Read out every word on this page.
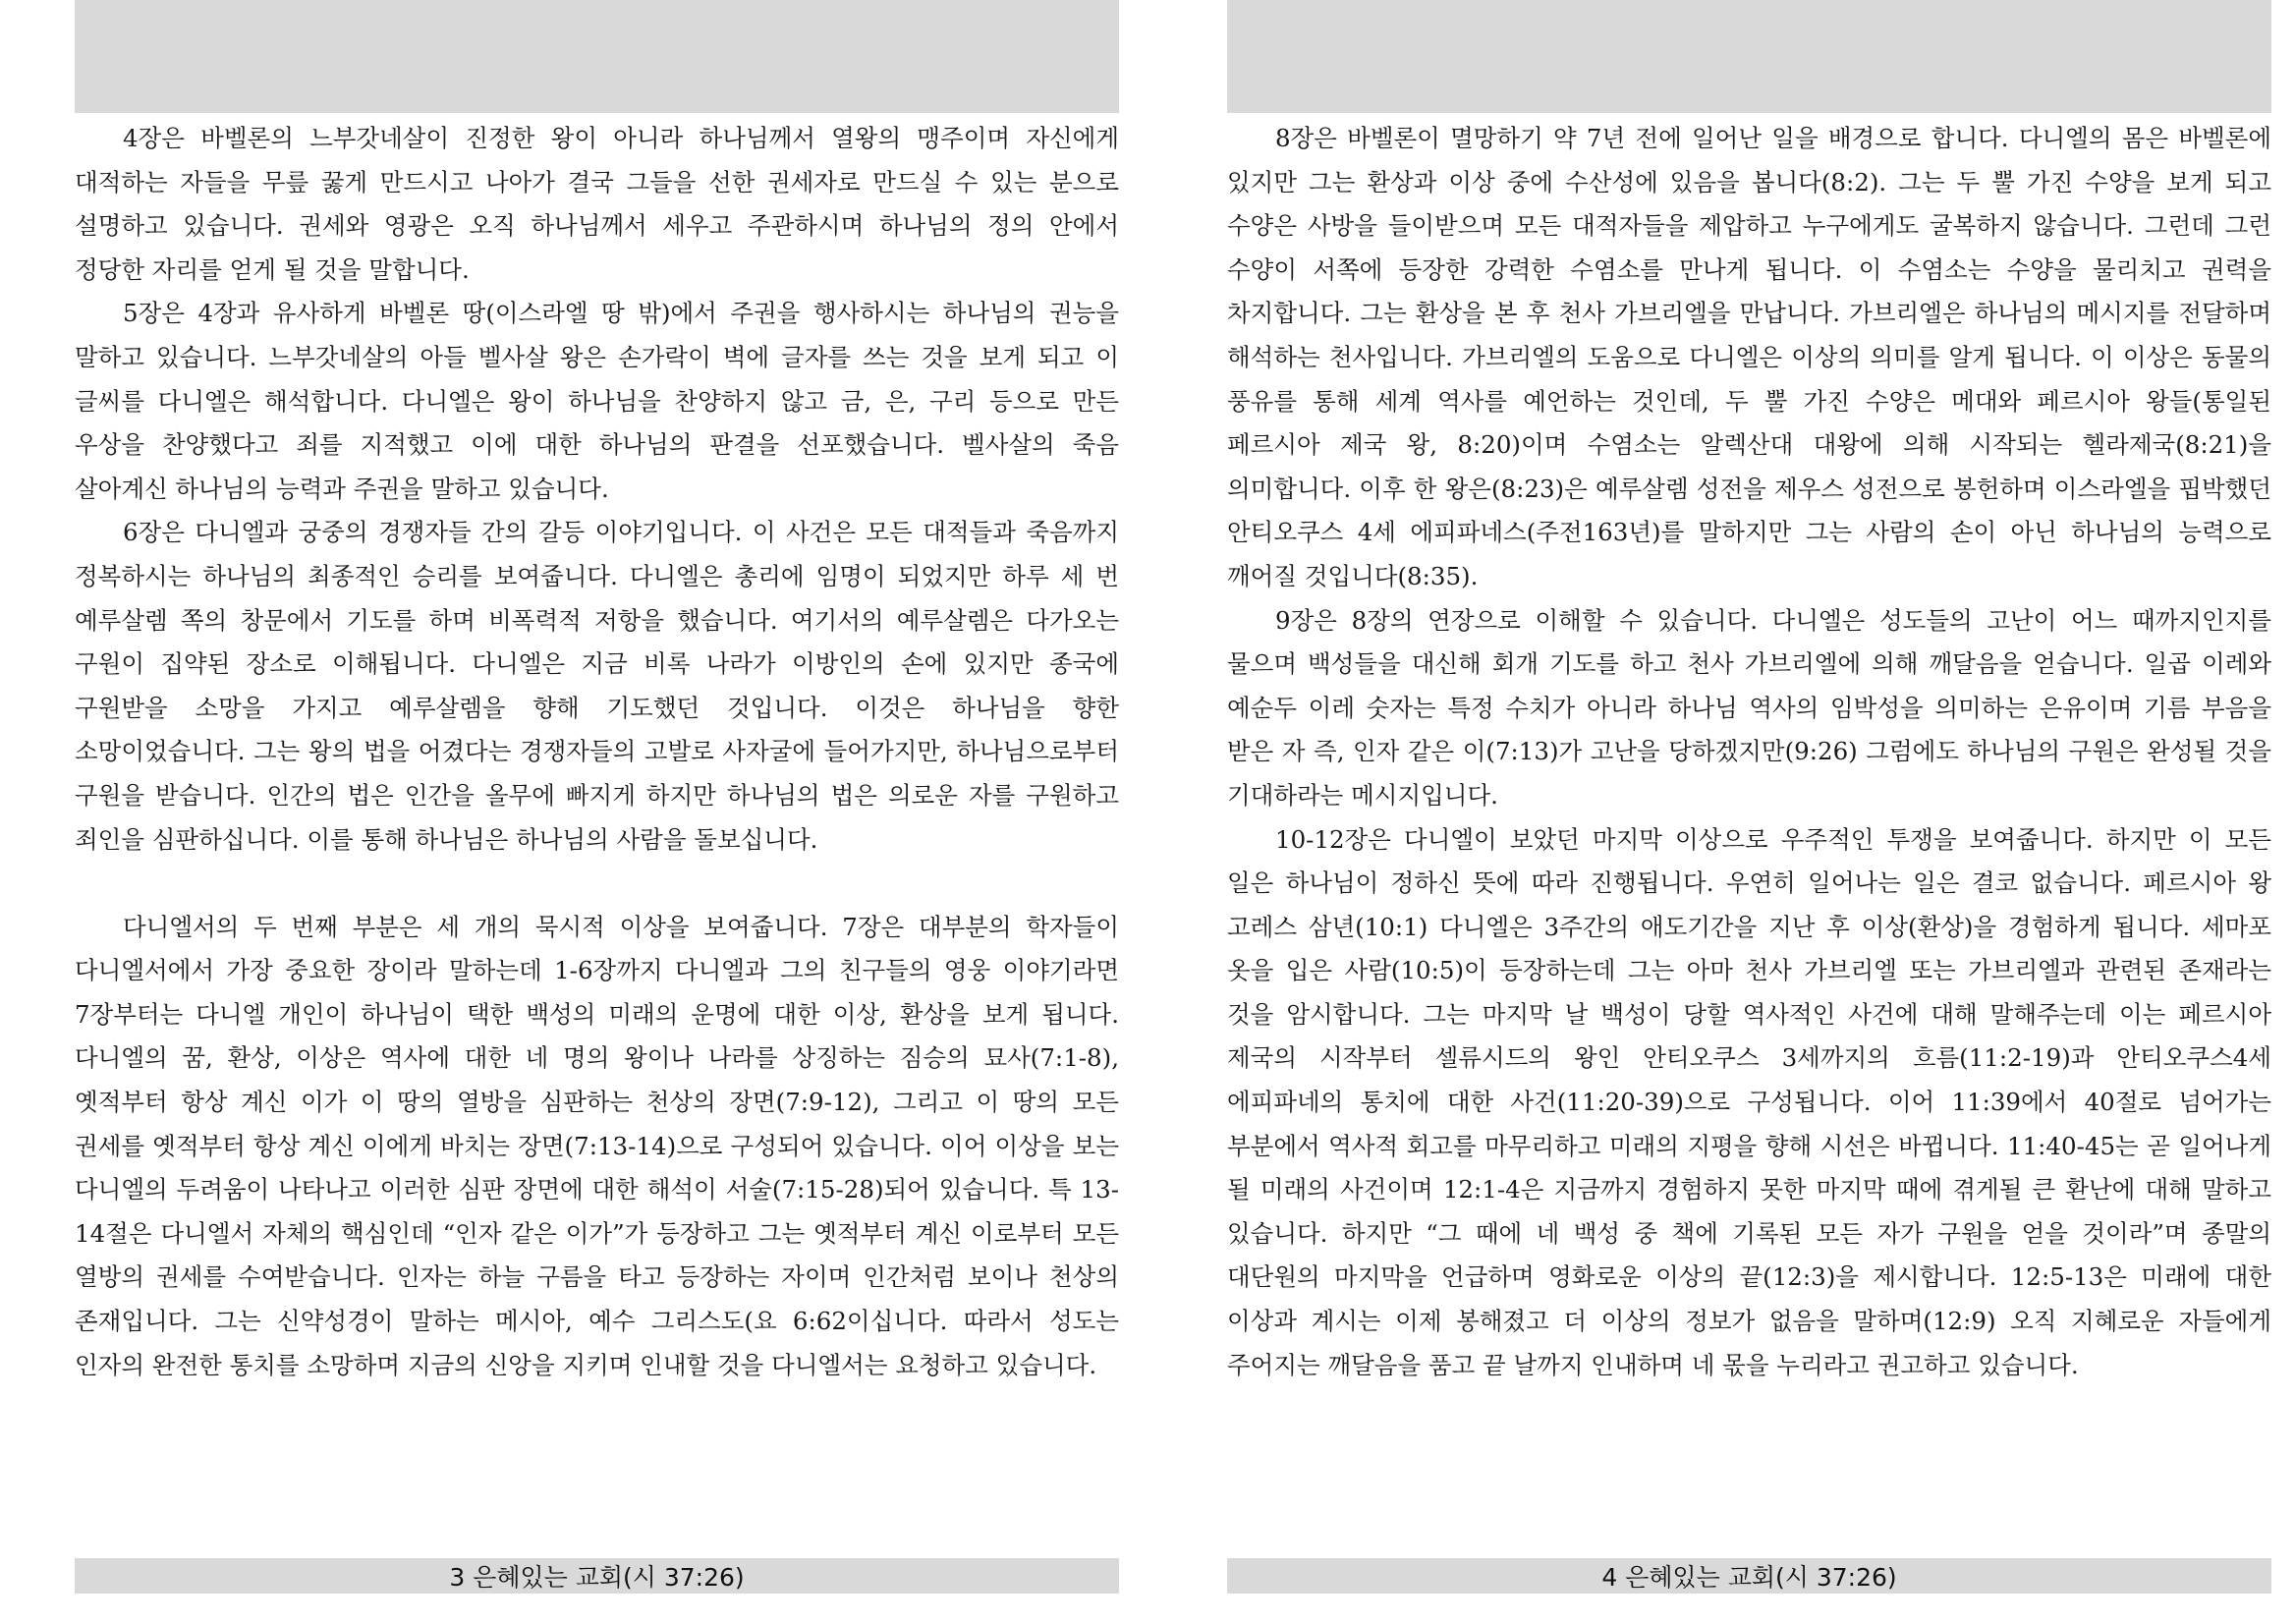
4장은 바벨론의 느부갓네살이 진정한 왕이 아니라 하나님께서 열왕의 맹주이며 자신에게 대적하는 자들을 무릎 꿇게 만드시고 나아가 결국 그들을 선한 권세자로 만드실 수 있는 분으로 설명하고 있습니다. 권세와 영광은 오직 하나님께서 세우고 주관하시며 하나님의 정의 안에서 정당한 자리를 얻게 될 것을 말합니다.

5장은 4장과 유사하게 바벨론 땅(이스라엘 땅 밖)에서 주권을 행사하시는 하나님의 권능을 말하고 있습니다. 느부갓네살의 아들 벨사살 왕은 손가락이 벽에 글자를 쓰는 것을 보게 되고 이 글씨를 다니엘은 해석합니다. 다니엘은 왕이 하나님을 찬양하지 않고 금, 은, 구리 등으로 만든 우상을 찬양했다고 죄를 지적했고 이에 대한 하나님의 판결을 선포했습니다. 벨사살의 죽음 살아계신 하나님의 능력과 주권을 말하고 있습니다.

6장은 다니엘과 궁중의 경쟁자들 간의 갈등 이야기입니다. 이 사건은 모든 대적들과 죽음까지 정복하시는 하나님의 최종적인 승리를 보여줍니다. 다니엘은 총리에 임명이 되었지만 하루 세 번 예루살렘 쪽의 창문에서 기도를 하며 비폭력적 저항을 했습니다. 여기서의 예루살렘은 다가오는 구원이 집약된 장소로 이해됩니다. 다니엘은 지금 비록 나라가 이방인의 손에 있지만 종국에 구원받을 소망을 가지고 예루살렘을 향해 기도했던 것입니다. 이것은 하나님을 향한 소망이었습니다. 그는 왕의 법을 어겼다는 경쟁자들의 고발로 사자굴에 들어가지만, 하나님으로부터 구원을 받습니다. 인간의 법은 인간을 올무에 빠지게 하지만 하나님의 법은 의로운 자를 구원하고 죄인을 심판하십니다. 이를 통해 하나님은 하나님의 사람을 돌보십니다.

다니엘서의 두 번째 부분은 세 개의 묵시적 이상을 보여줍니다. 7장은 대부분의 학자들이 다니엘서에서 가장 중요한 장이라 말하는데 1-6장까지 다니엘과 그의 친구들의 영웅 이야기라면 7장부터는 다니엘 개인이 하나님이 택한 백성의 미래의 운명에 대한 이상, 환상을 보게 됩니다. 다니엘의 꿈, 환상, 이상은 역사에 대한 네 명의 왕이나 나라를 상징하는 짐승의 묘사(7:1-8), 옛적부터 항상 계신 이가 이 땅의 열방을 심판하는 천상의 장면(7:9-12), 그리고 이 땅의 모든 권세를 옛적부터 항상 계신 이에게 바치는 장면(7:13-14)으로 구성되어 있습니다. 이어 이상을 보는 다니엘의 두려움이 나타나고 이러한 심판 장면에 대한 해석이 서술(7:15-28)되어 있습니다. 특 13-14절은 다니엘서 자체의 핵심인데 “인자 같은 이가”가 등장하고 그는 옛적부터 계신 이로부터 모든 열방의 권세를 수여받습니다. 인자는 하늘 구름을 타고 등장하는 자이며 인간처럼 보이나 천상의 존재입니다. 그는 신약성경이 말하는 메시아, 예수 그리스도(요 6:62이십니다. 따라서 성도는 인자의 완전한 통치를 소망하며 지금의 신앙을 지키며 인내할 것을 다니엘서는 요청하고 있습니다.

3 은혜있는 교회(시 37:26)

8장은 바벨론이 멸망하기 약 7년 전에 일어난 일을 배경으로 합니다. 다니엘의 몸은 바벨론에 있지만 그는 환상과 이상 중에 수산성에 있음을 봅니다(8:2). 그는 두 뿔 가진 수양을 보게 되고 수양은 사방을 들이받으며 모든 대적자들을 제압하고 누구에게도 굴복하지 않습니다. 그런데 그런 수양이 서쪽에 등장한 강력한 수염소를 만나게 됩니다. 이 수염소는 수양을 물리치고 권력을 차지합니다. 그는 환상을 본 후 천사 가브리엘을 만납니다. 가브리엘은 하나님의 메시지를 전달하며 해석하는 천사입니다. 가브리엘의 도움으로 다니엘은 이상의 의미를 알게 됩니다. 이 이상은 동물의 풍유를 통해 세계 역사를 예언하는 것인데, 두 뿔 가진 수양은 메대와 페르시아 왕들(통일된 페르시아 제국 왕, 8:20)이며 수염소는 알렉산대 대왕에 의해 시작되는 헬라제국(8:21)을 의미합니다. 이후 한 왕은(8:23)은 예루살렘 성전을 제우스 성전으로 봉헌하며 이스라엘을 핍박했던 안티오쿠스 4세 에피파네스(주전163년)를 말하지만 그는 사람의 손이 아닌 하나님의 능력으로 깨어질 것입니다(8:35).

9장은 8장의 연장으로 이해할 수 있습니다. 다니엘은 성도들의 고난이 어느 때까지인지를 물으며 백성들을 대신해 회개 기도를 하고 천사 가브리엘에 의해 깨달음을 얻습니다. 일곱 이레와 예순두 이레 숫자는 특정 수치가 아니라 하나님 역사의 임박성을 의미하는 은유이며 기름 부음을 받은 자 즉, 인자 같은 이(7:13)가 고난을 당하겠지만(9:26) 그럼에도 하나님의 구원은 완성될 것을 기대하라는 메시지입니다.

10-12장은 다니엘이 보았던 마지막 이상으로 우주적인 투쟁을 보여줍니다. 하지만 이 모든 일은 하나님이 정하신 뜻에 따라 진행됩니다. 우연히 일어나는 일은 결코 없습니다. 페르시아 왕 고레스 삼년(10:1) 다니엘은 3주간의 애도기간을 지난 후 이상(환상)을 경험하게 됩니다. 세마포 옷을 입은 사람(10:5)이 등장하는데 그는 아마 천사 가브리엘 또는 가브리엘과 관련된 존재라는 것을 암시합니다. 그는 마지막 날 백성이 당할 역사적인 사건에 대해 말해주는데 이는 페르시아 제국의 시작부터 셀류시드의 왕인 안티오쿠스 3세까지의 흐름(11:2-19)과 안티오쿠스4세 에피파네의 통치에 대한 사건(11:20-39)으로 구성됩니다. 이어 11:39에서 40절로 넘어가는 부분에서 역사적 회고를 마무리하고 미래의 지평을 향해 시선은 바뀝니다. 11:40-45는 곧 일어나게 될 미래의 사건이며 12:1-4은 지금까지 경험하지 못한 마지막 때에 겪게될 큰 환난에 대해 말하고 있습니다. 하지만 “그 때에 네 백성 중 책에 기록된 모든 자가 구원을 얻을 것이라”며 종말의 대단원의 마지막을 언급하며 영화로운 이상의 끝(12:3)을 제시합니다. 12:5-13은 미래에 대한 이상과 계시는 이제 봉해졌고 더 이상의 정보가 없음을 말하며(12:9) 오직 지혜로운 자들에게 주어지는 깨달음을 품고 끝 날까지 인내하며 네 몫을 누리라고 권고하고 있습니다.

4 은혜있는 교회(시 37:26)
